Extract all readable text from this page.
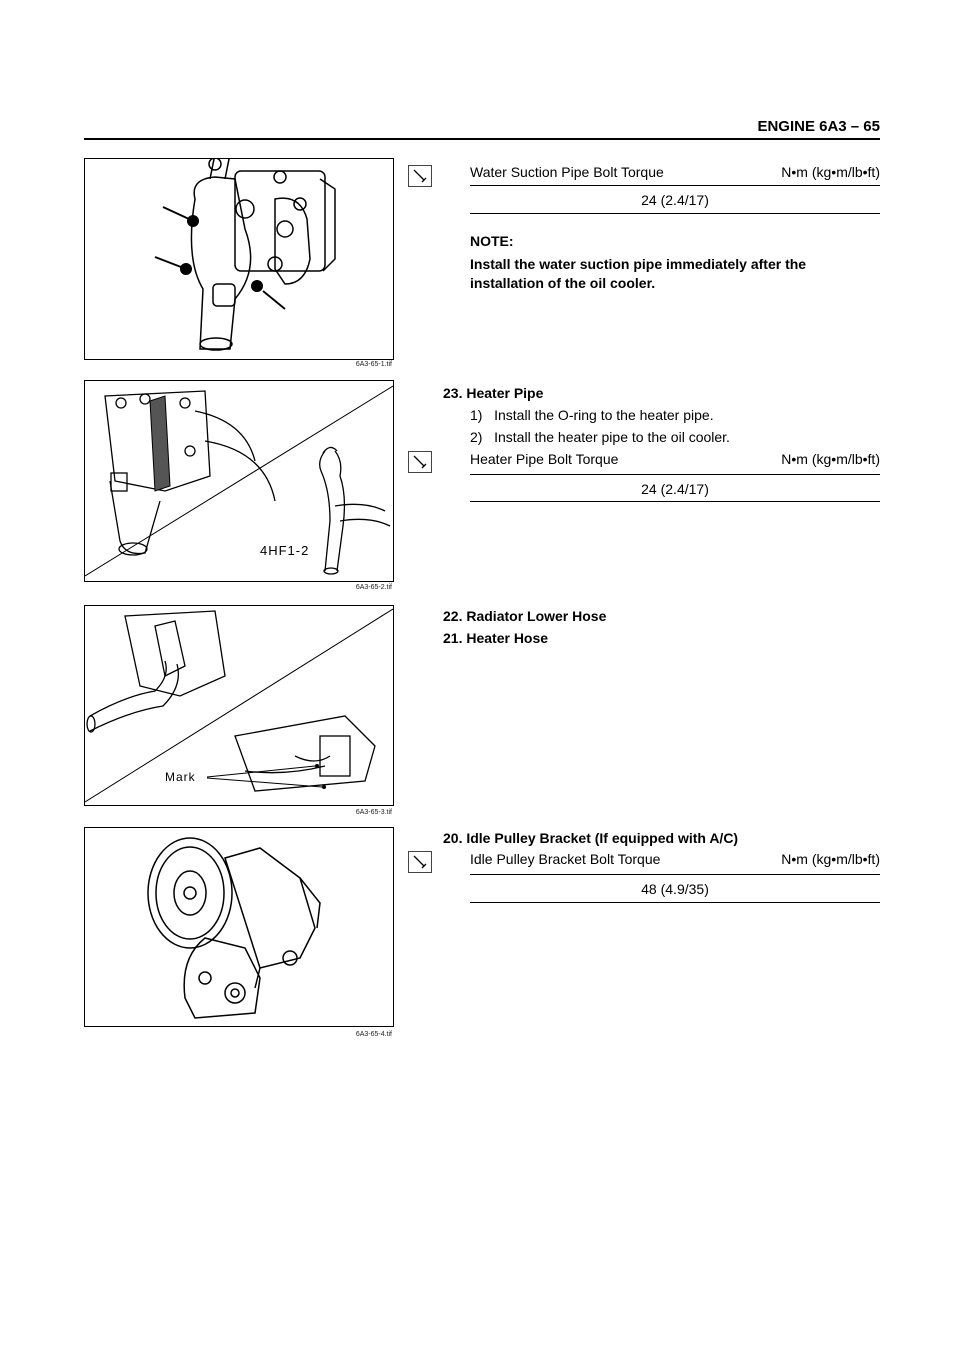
ENGINE 6A3 – 65
6A3-65-1.tif
Water Suction Pipe Bolt Torque	N•m (kg•m/lb•ft)
24 (2.4/17)
NOTE:
Install the water suction pipe immediately after the installation of the oil cooler.
4HF1-2
6A3-65-2.tif
23. Heater Pipe
1)   Install the O-ring to the heater pipe.
2)   Install the heater pipe to the oil cooler.
Heater Pipe Bolt Torque	N•m (kg•m/lb•ft)
24 (2.4/17)
Mark
6A3-65-3.tif
22. Radiator Lower Hose
21. Heater Hose
6A3-65-4.tif
20. Idle Pulley Bracket (If equipped with A/C)
Idle Pulley Bracket Bolt Torque	N•m (kg•m/lb•ft)
48 (4.9/35)
